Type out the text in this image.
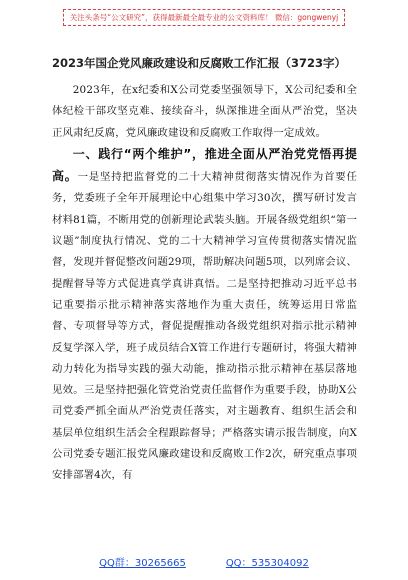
关注头条号“公文研究”，获得最新最全最专业的公文资料库！ 微信：gongwenyj
2023年国企党风廉政建设和反腐败工作汇报（3723字）

2023年，在x纪委和X公司党委坚强领导下，X公司纪委和全体纪检干部攻坚克难、接续奋斗，纵深推进全面从严治党，坚决正风肃纪反腐，党风廉政建设和反腐败工作取得一定成效。

一、践行“两个维护”，推进全面从严治党党悟再提高。一是坚持把监督党的二十大精神贯彻落实情况作为首要任务，党委班子全年开展理论中心组集中学习30次，撰写研讨发言材料81篇，不断用党的创新理论武装头脑。开展各级党组织“第一议题”制度执行情况、党的二十大精神学习宣传贯彻落实情况监督，发现并督促整改问题29项，帮助解决问题5项，以列席会议、提醒督导等方式促进真学真讲真悟。二是坚持把推动习近平总书记重要指示批示精神落实落地作为重大责任，统筹运用日常监督、专项督导等方式，督促提醒推动各级党组织对指示批示精神反复学深入学，班子成员结合X管工作进行专题研讨，将强大精神动力转化为指导实践的强大动能，推动指示批示精神在基层落地见效。三是坚持把强化管党治党责任监督作为重要手段，协助X公司党委严抓全面从严治党责任落实，对主题教育、组织生活会和基层单位组织生活会全程跟踪督导；严格落实请示报告制度，向X公司党委专题汇报党风廉政建设和反腐败工作2次，研究重点事项安排部署4次，有

QQ群：30265665	QQ：535304092
